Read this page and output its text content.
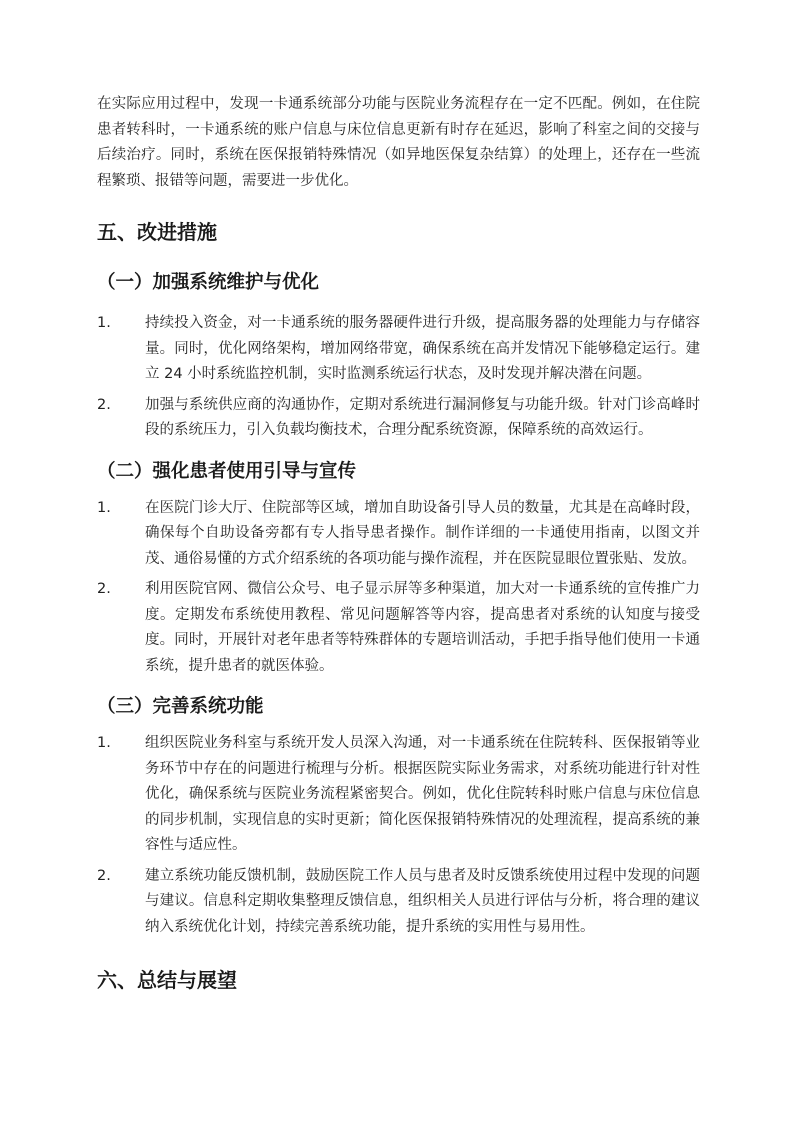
在实际应用过程中，发现一卡通系统部分功能与医院业务流程存在一定不匹配。例如，在住院患者转科时，一卡通系统的账户信息与床位信息更新有时存在延迟，影响了科室之间的交接与后续治疗。同时，系统在医保报销特殊情况（如异地医保复杂结算）的处理上，还存在一些流程繁琐、报错等问题，需要进一步优化。

五、改进措施
（一）加强系统维护与优化
1.	持续投入资金，对一卡通系统的服务器硬件进行升级，提高服务器的处理能力与存储容量。同时，优化网络架构，增加网络带宽，确保系统在高并发情况下能够稳定运行。建立 24 小时系统监控机制，实时监测系统运行状态，及时发现并解决潜在问题。
2.	加强与系统供应商的沟通协作，定期对系统进行漏洞修复与功能升级。针对门诊高峰时段的系统压力，引入负载均衡技术，合理分配系统资源，保障系统的高效运行。
（二）强化患者使用引导与宣传
1.	在医院门诊大厅、住院部等区域，增加自助设备引导人员的数量，尤其是在高峰时段，确保每个自助设备旁都有专人指导患者操作。制作详细的一卡通使用指南，以图文并茂、通俗易懂的方式介绍系统的各项功能与操作流程，并在医院显眼位置张贴、发放。
2.	利用医院官网、微信公众号、电子显示屏等多种渠道，加大对一卡通系统的宣传推广力度。定期发布系统使用教程、常见问题解答等内容，提高患者对系统的认知度与接受度。同时，开展针对老年患者等特殊群体的专题培训活动，手把手指导他们使用一卡通系统，提升患者的就医体验。
（三）完善系统功能
1.	组织医院业务科室与系统开发人员深入沟通，对一卡通系统在住院转科、医保报销等业务环节中存在的问题进行梳理与分析。根据医院实际业务需求，对系统功能进行针对性优化，确保系统与医院业务流程紧密契合。例如，优化住院转科时账户信息与床位信息的同步机制，实现信息的实时更新；简化医保报销特殊情况的处理流程，提高系统的兼容性与适应性。
2.	建立系统功能反馈机制，鼓励医院工作人员与患者及时反馈系统使用过程中发现的问题与建议。信息科定期收集整理反馈信息，组织相关人员进行评估与分析，将合理的建议纳入系统优化计划，持续完善系统功能，提升系统的实用性与易用性。
六、总结与展望
